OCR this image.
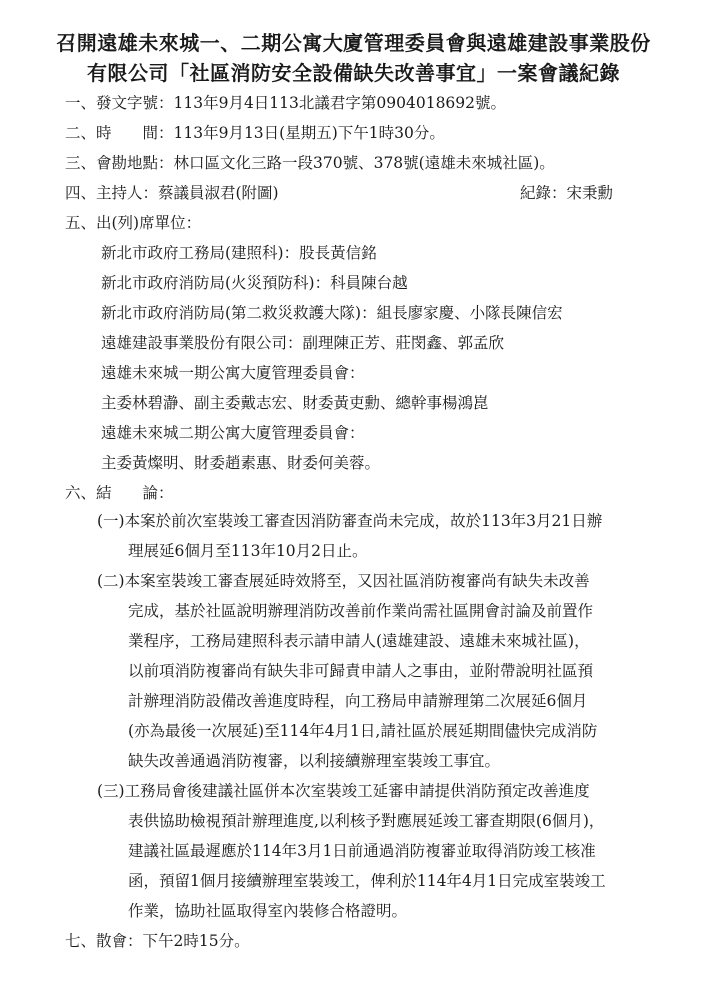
召開遠雄未來城一、二期公寓大廈管理委員會與遠雄建設事業股份
有限公司「社區消防安全設備缺失改善事宜」一案會議紀錄
一、發文字號：113年9月4日113北議君字第0904018692號。
二、時　　間：113年9月13日(星期五)下午1時30分。
三、會勘地點：林口區文化三路一段370號、378號(遠雄未來城社區)。
四、主持人：蔡議員淑君(附圖)	紀錄：宋秉勳
五、出(列)席單位：
新北市政府工務局(建照科)：股長黃信銘
新北市政府消防局(火災預防科)：科員陳台越
新北市政府消防局(第二救災救護大隊)：組長廖家慶、小隊長陳信宏
遠雄建設事業股份有限公司：副理陳正芳、莊閔鑫、郭孟欣
遠雄未來城一期公寓大廈管理委員會：
主委林碧瀞、副主委戴志宏、財委黃吏勳、總幹事楊鴻崑
遠雄未來城二期公寓大廈管理委員會：
主委黃燦明、財委趙素惠、財委何美蓉。
六、結　　論：
(一)本案於前次室裝竣工審查因消防審查尚未完成，故於113年3月21日辦
理展延6個月至113年10月2日止。
(二)本案室裝竣工審查展延時效將至，又因社區消防複審尚有缺失未改善
完成，基於社區說明辦理消防改善前作業尚需社區開會討論及前置作
業程序，工務局建照科表示請申請人(遠雄建設、遠雄未來城社區)，
以前項消防複審尚有缺失非可歸責申請人之事由，並附帶說明社區預
計辦理消防設備改善進度時程，向工務局申請辦理第二次展延6個月
(亦為最後一次展延)至114年4月1日,請社區於展延期間儘快完成消防
缺失改善通過消防複審，以利接續辦理室裝竣工事宜。
(三)工務局會後建議社區併本次室裝竣工延審申請提供消防預定改善進度
表供協助檢視預計辦理進度,以利核予對應展延竣工審查期限(6個月)，
建議社區最遲應於114年3月1日前通過消防複審並取得消防竣工核准
函，預留1個月接續辦理室裝竣工，俾利於114年4月1日完成室裝竣工
作業，協助社區取得室內裝修合格證明。
七、散會：下午2時15分。
